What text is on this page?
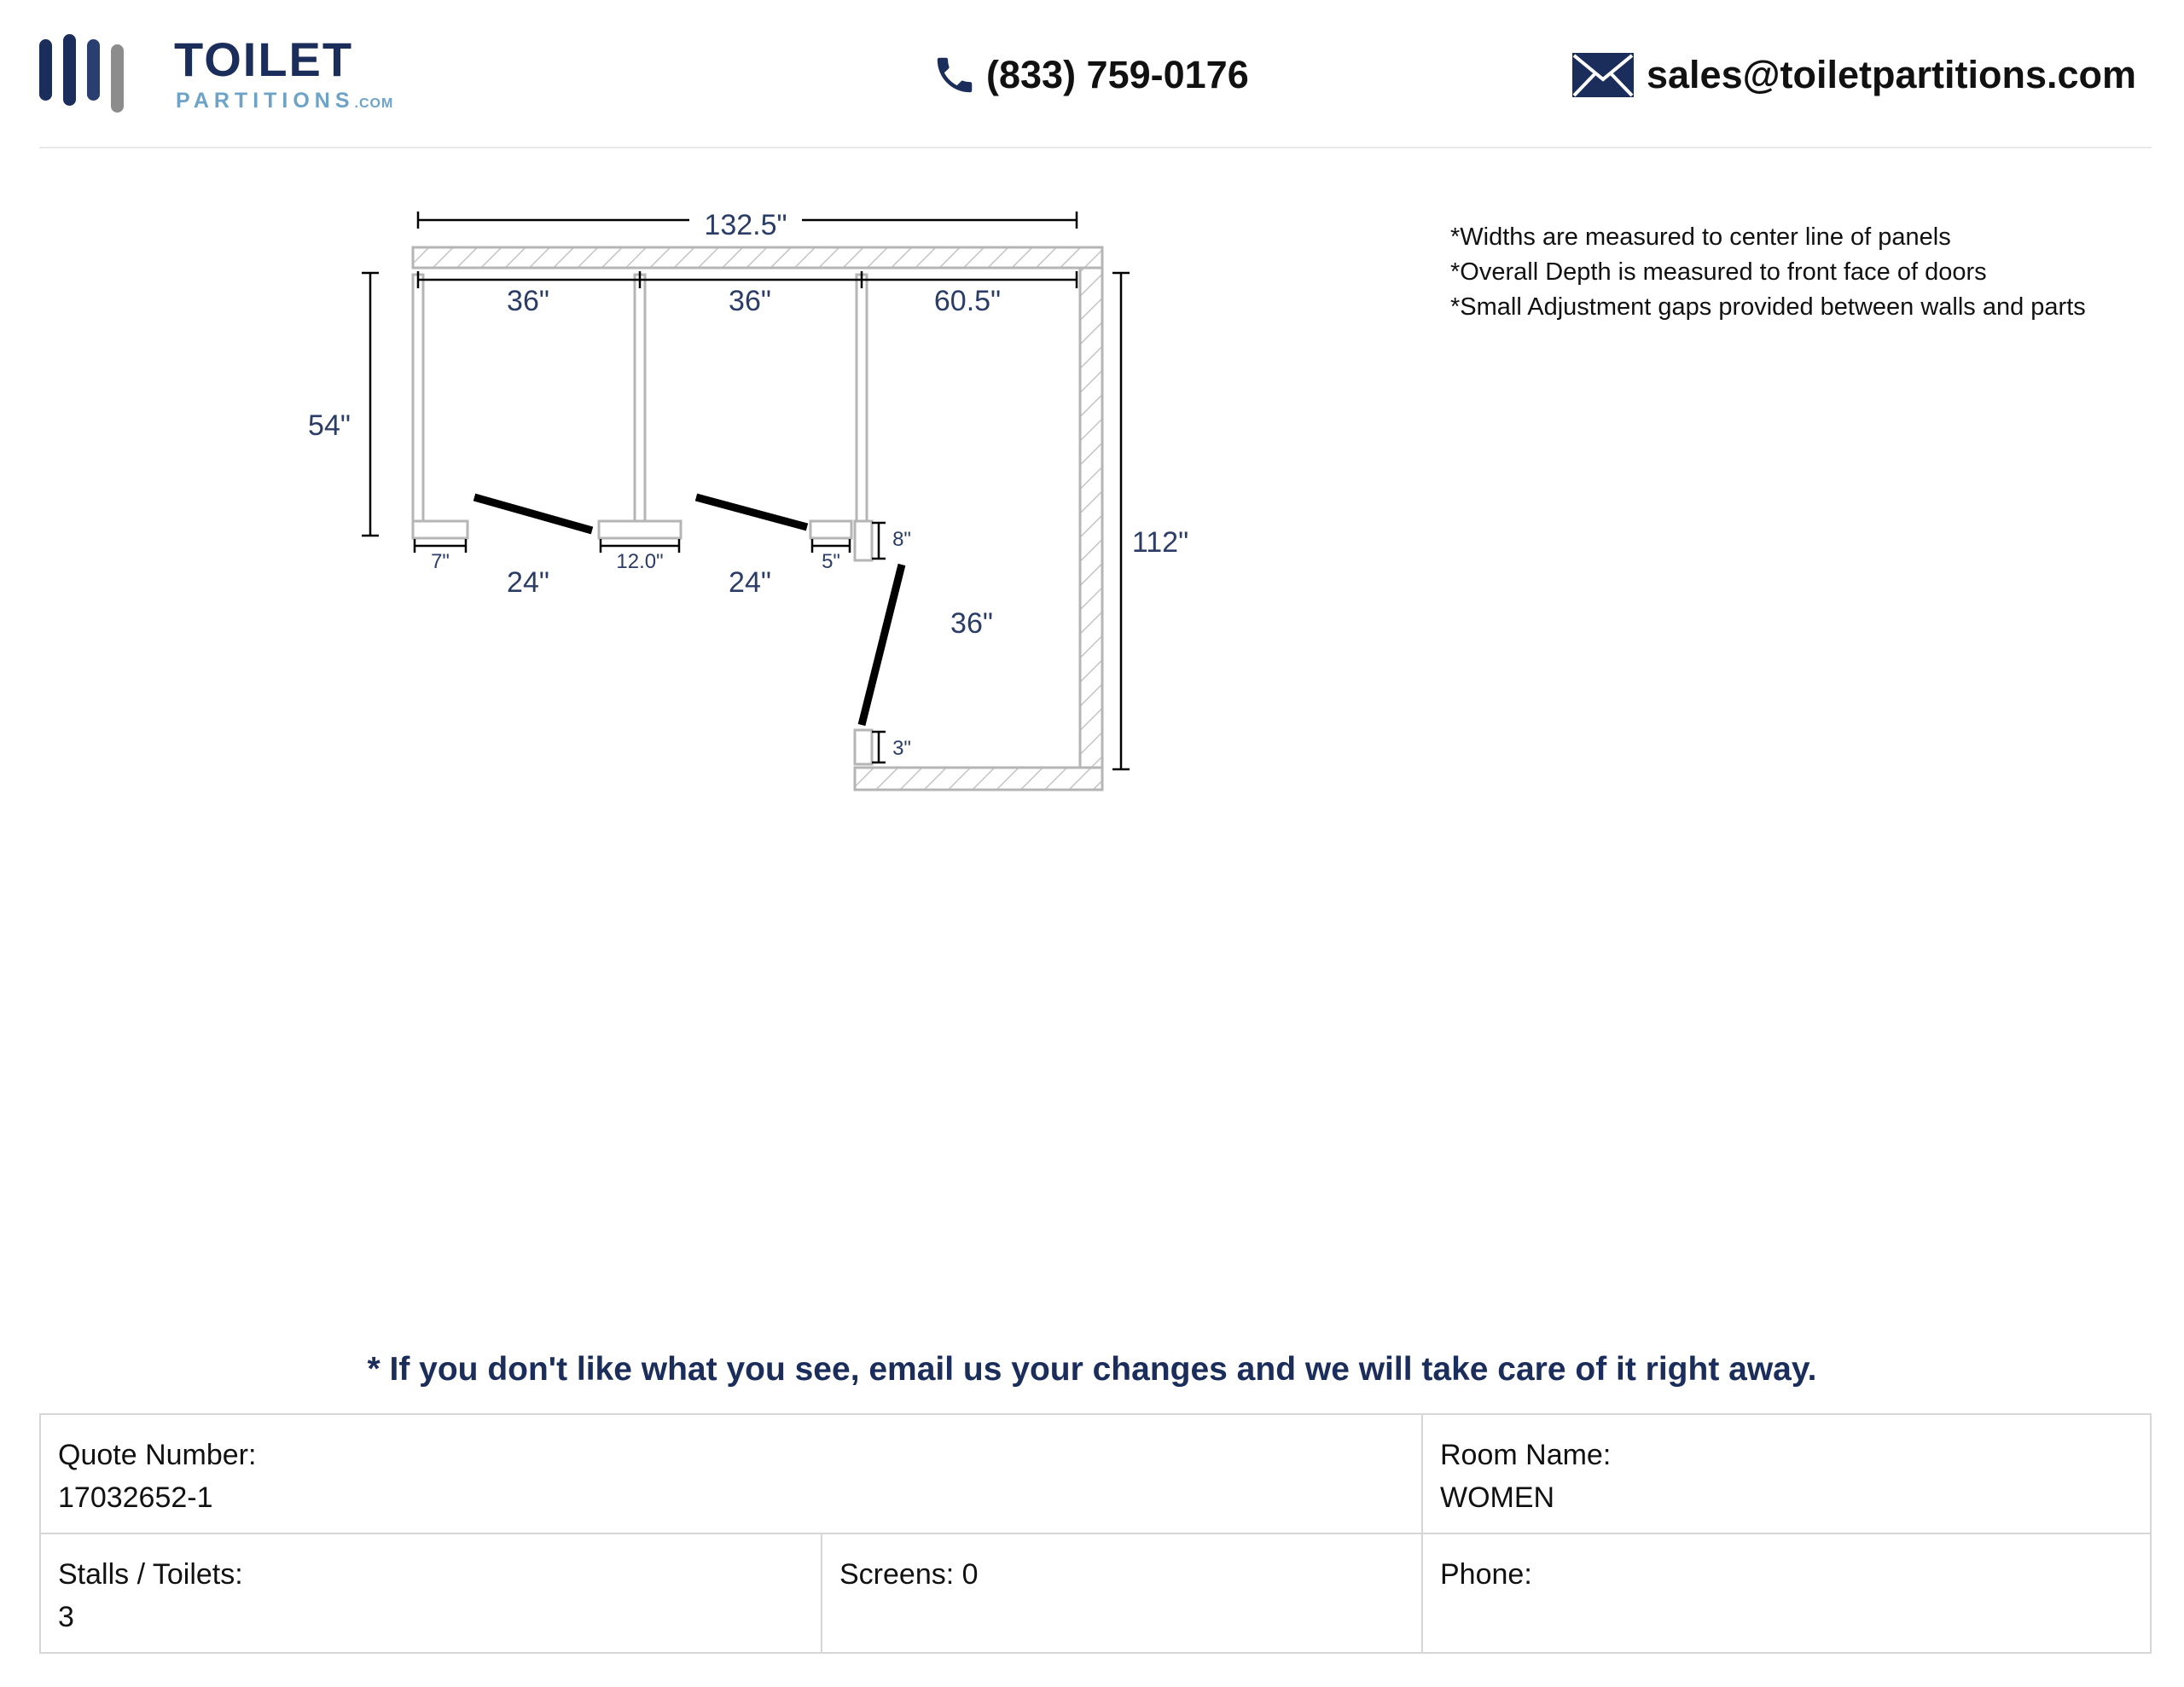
TOILET
PARTITIONS.COM
(833) 759-0176	sales@toiletpartitions.com
*Widths are measured to center line of panels
*Overall Depth is measured to front face of doors
*Small Adjustment gaps provided between walls and parts
132.5"
36"	36"	60.5"
54"
112"
24"	24"
36"
7"	12.0"	5"
8"
3"
* If you don't like what you see, email us your changes and we will take care of it right away.
Quote Number:
17032652-1
Room Name:
WOMEN
Stalls / Toilets:
3
Screens: 0	Phone:
